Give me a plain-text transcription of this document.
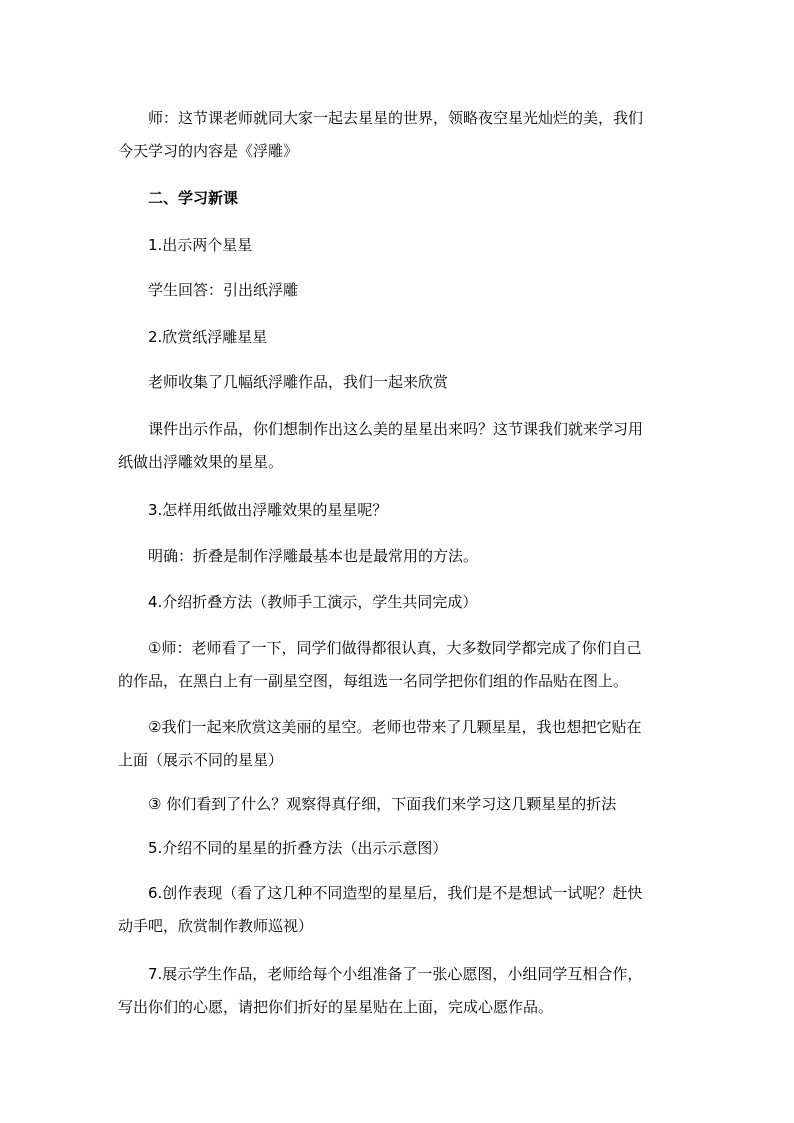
师：这节课老师就同大家一起去星星的世界，领略夜空星光灿烂的美，我们
今天学习的内容是《浮雕》
二、学习新课
1.出示两个星星
学生回答：引出纸浮雕
2.欣赏纸浮雕星星
老师收集了几幅纸浮雕作品，我们一起来欣赏
课件出示作品，你们想制作出这么美的星星出来吗？这节课我们就来学习用
纸做出浮雕效果的星星。
3.怎样用纸做出浮雕效果的星星呢？
明确：折叠是制作浮雕最基本也是最常用的方法。
4.介绍折叠方法（教师手工演示，学生共同完成）
①师：老师看了一下，同学们做得都很认真，大多数同学都完成了你们自己
的作品，在黑白上有一副星空图，每组选一名同学把你们组的作品贴在图上。
②我们一起来欣赏这美丽的星空。老师也带来了几颗星星，我也想把它贴在
上面（展示不同的星星）
③ 你们看到了什么？观察得真仔细，下面我们来学习这几颗星星的折法
5.介绍不同的星星的折叠方法（出示示意图）
6.创作表现（看了这几种不同造型的星星后，我们是不是想试一试呢？赶快
动手吧，欣赏制作教师巡视）
7.展示学生作品，老师给每个小组准备了一张心愿图，小组同学互相合作，
写出你们的心愿，请把你们折好的星星贴在上面，完成心愿作品。
